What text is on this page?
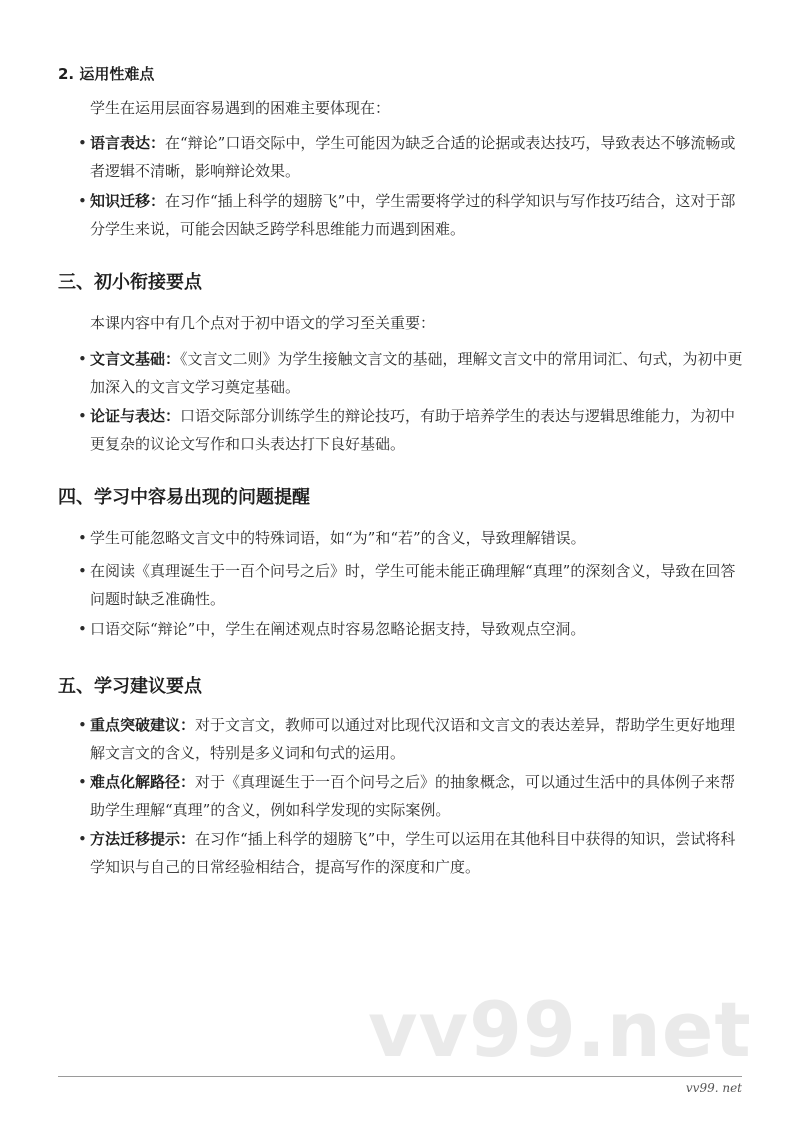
2. 运用性难点
学生在运用层面容易遇到的困难主要体现在：
• 语言表达：在“辩论”口语交际中，学生可能因为缺乏合适的论据或表达技巧，导致表达不够流畅或者逻辑不清晰，影响辩论效果。
• 知识迁移：在习作“插上科学的翅膀飞”中，学生需要将学过的科学知识与写作技巧结合，这对于部分学生来说，可能会因缺乏跨学科思维能力而遇到困难。
三、初小衔接要点
本课内容中有几个点对于初中语文的学习至关重要：
• 文言文基础：《文言文二则》为学生接触文言文的基础，理解文言文中的常用词汇、句式，为初中更加深入的文言文学习奠定基础。
• 论证与表达：口语交际部分训练学生的辩论技巧，有助于培养学生的表达与逻辑思维能力，为初中更复杂的议论文写作和口头表达打下良好基础。
四、学习中容易出现的问题提醒
• 学生可能忽略文言文中的特殊词语，如“为”和“若”的含义，导致理解错误。
• 在阅读《真理诞生于一百个问号之后》时，学生可能未能正确理解“真理”的深刻含义，导致在回答问题时缺乏准确性。
• 口语交际“辩论”中，学生在阐述观点时容易忽略论据支持，导致观点空洞。
五、学习建议要点
• 重点突破建议：对于文言文，教师可以通过对比现代汉语和文言文的表达差异，帮助学生更好地理解文言文的含义，特别是多义词和句式的运用。
• 难点化解路径：对于《真理诞生于一百个问号之后》的抽象概念，可以通过生活中的具体例子来帮助学生理解“真理”的含义，例如科学发现的实际案例。
• 方法迁移提示：在习作“插上科学的翅膀飞”中，学生可以运用在其他科目中获得的知识，尝试将科学知识与自己的日常经验相结合，提高写作的深度和广度。
vv99.net
vv99. net
